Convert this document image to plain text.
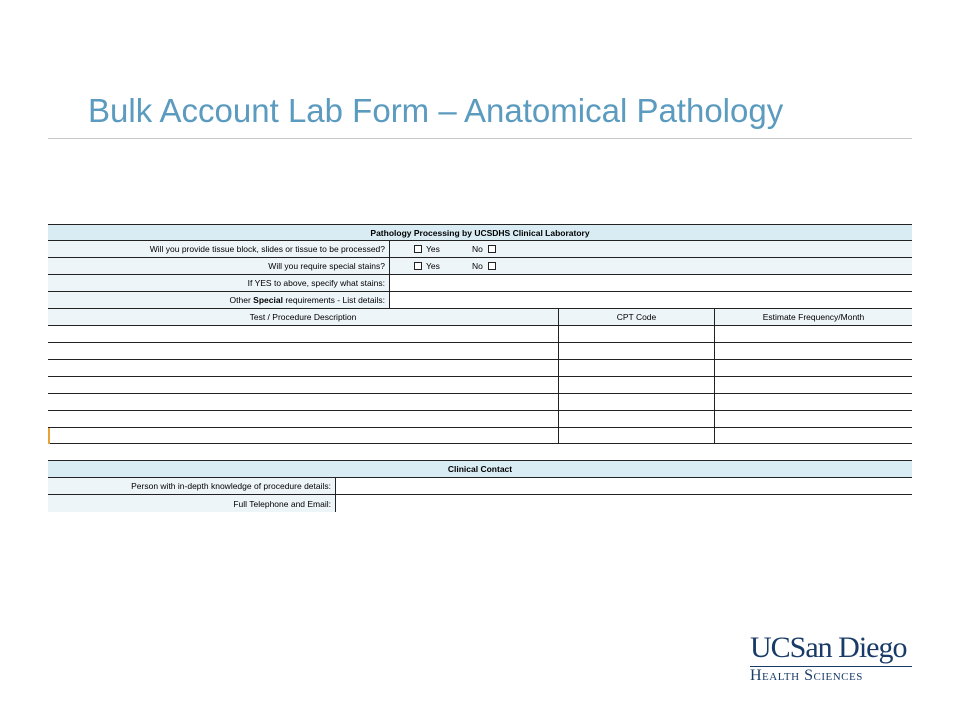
Bulk Account Lab Form – Anatomical Pathology
Pathology Processing by UCSDHS Clinical Laboratory
Will you provide tissue block, slides or tissue to be processed?	Yes	No
Will you require special stains?	Yes	No
If YES to above, specify what stains:
Other Special requirements - List details:
Test / Procedure Description	CPT Code	Estimate Frequency/Month
Clinical Contact
Person with in-depth knowledge of procedure details:
Full Telephone and Email:
UCSan Diego
Health Sciences
